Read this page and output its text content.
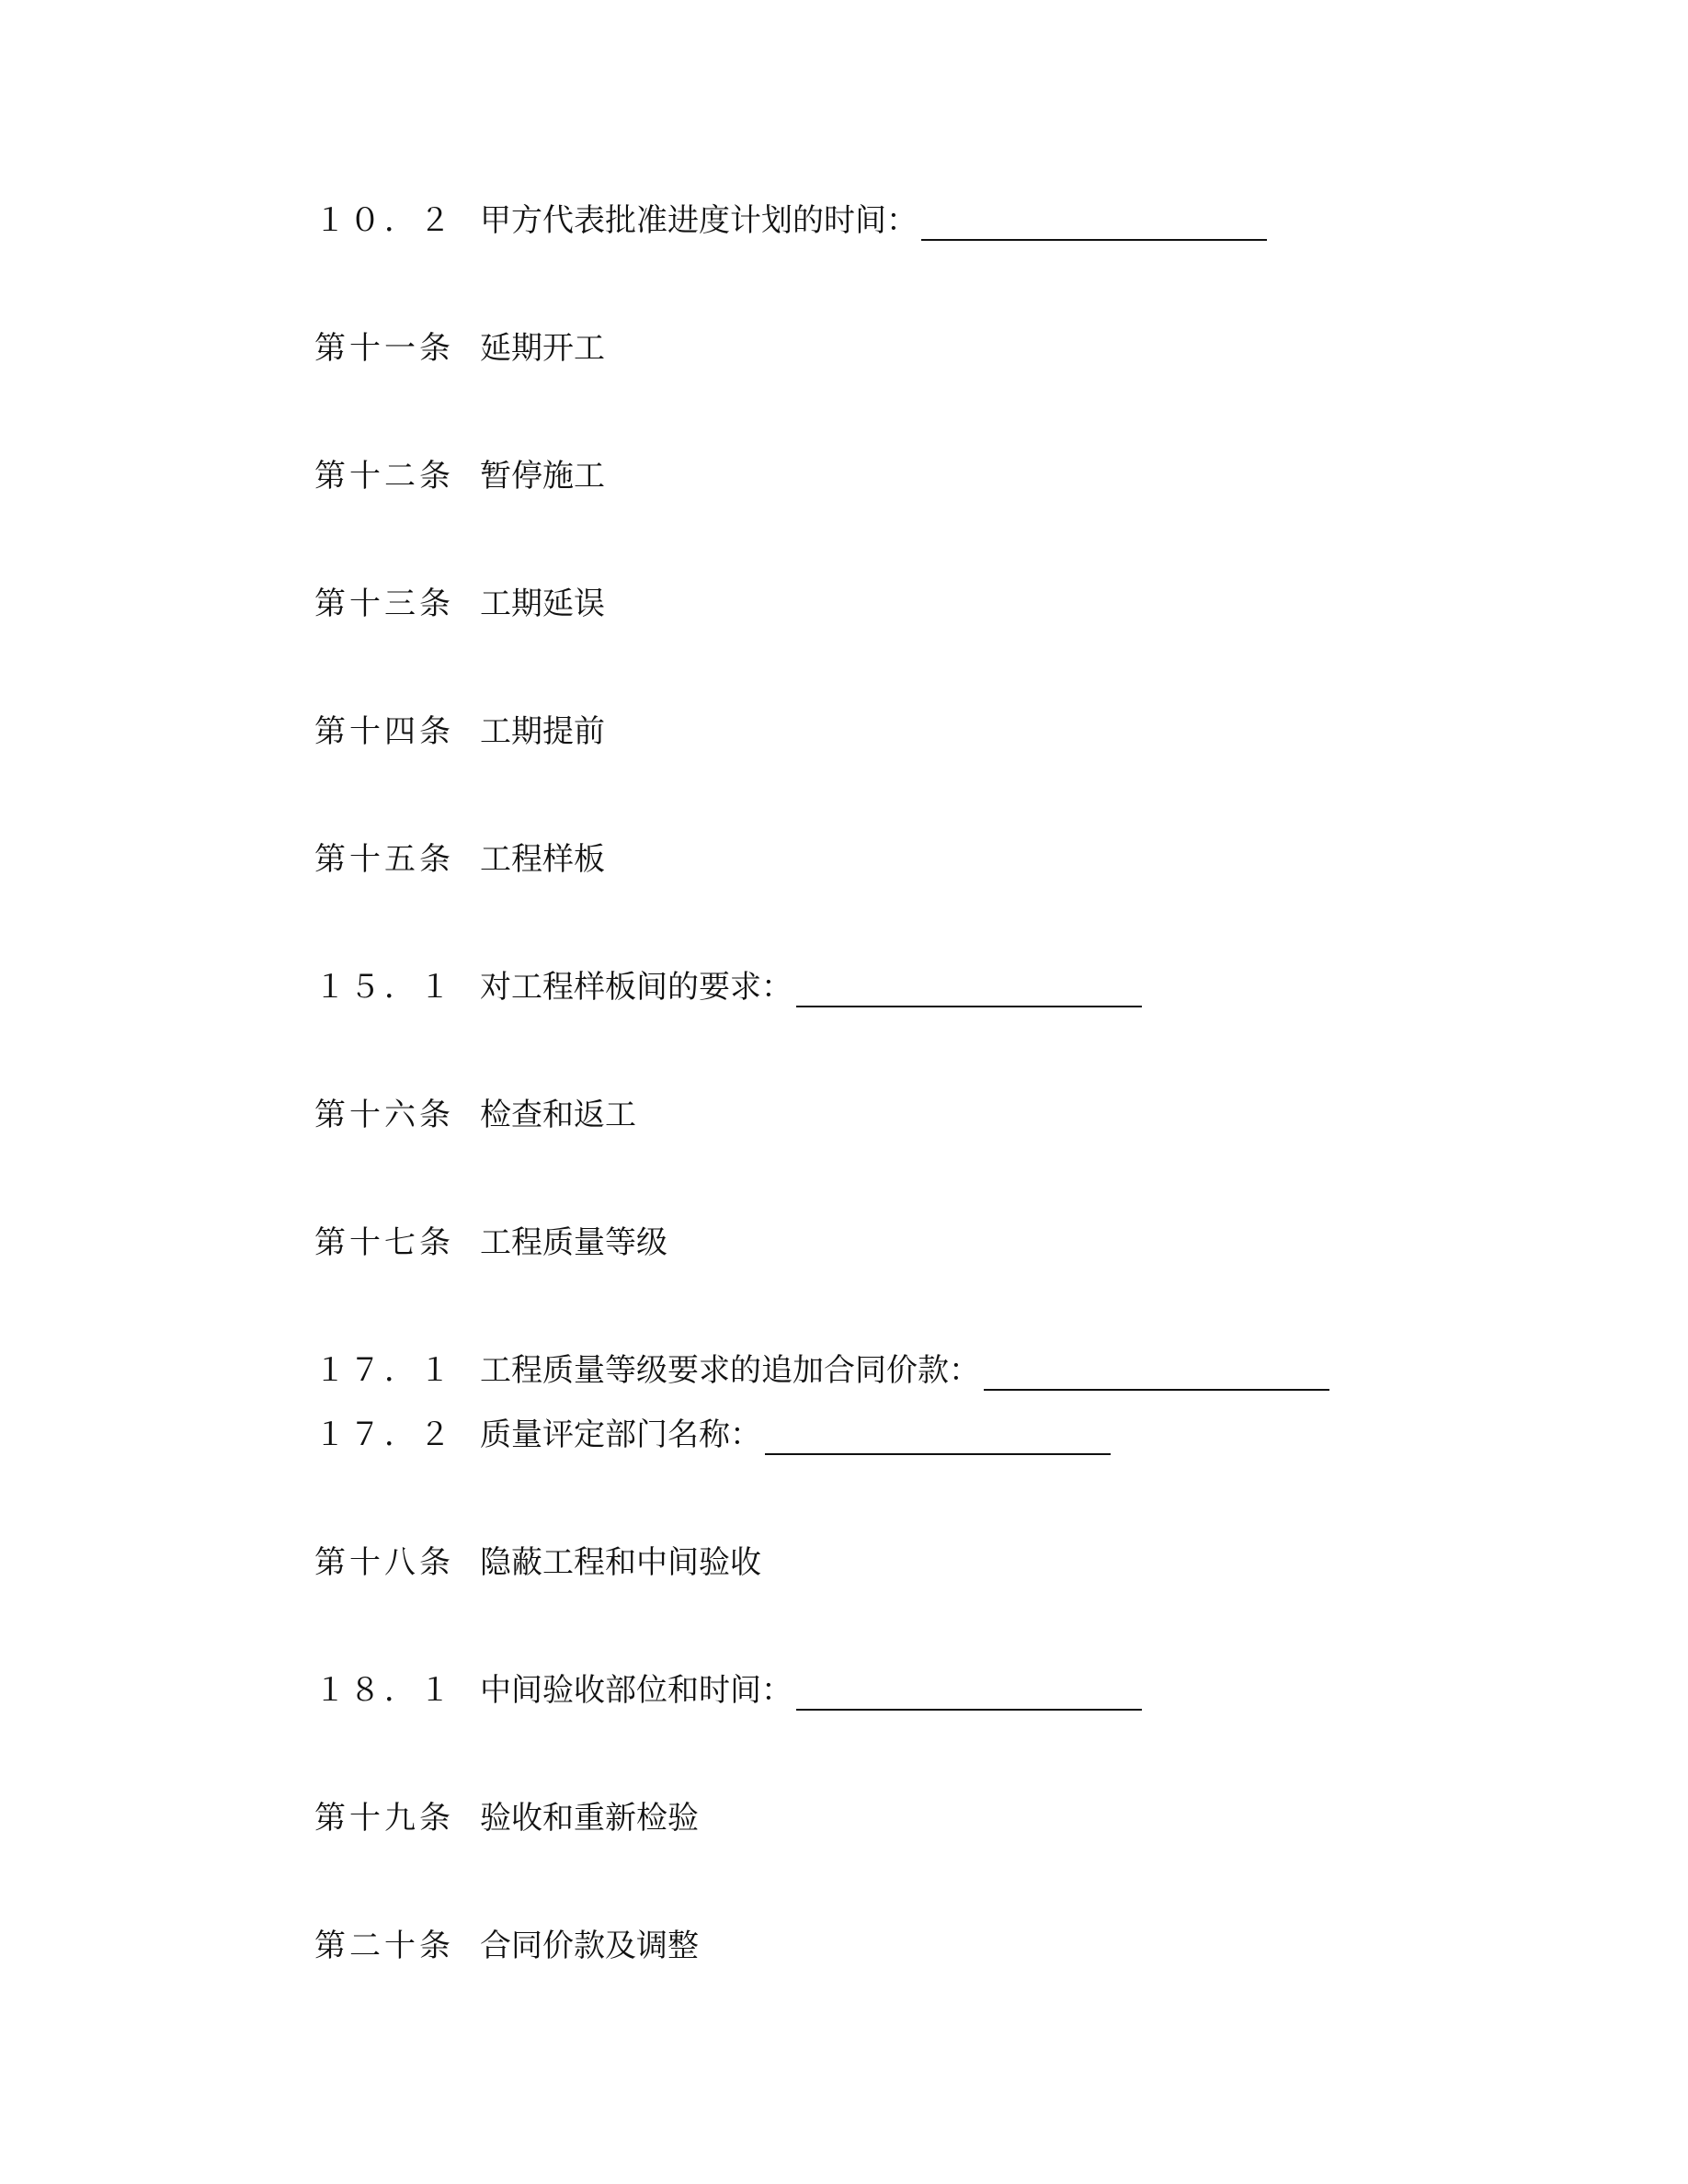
１０．２ 甲方代表批准进度计划的时间：
第十一条 延期开工
第十二条 暂停施工
第十三条 工期延误
第十四条 工期提前
第十五条 工程样板
１５．１ 对工程样板间的要求：
第十六条 检查和返工
第十七条 工程质量等级
１７．１ 工程质量等级要求的追加合同价款：
１７．２ 质量评定部门名称：
第十八条 隐蔽工程和中间验收
１８．１ 中间验收部位和时间：
第十九条 验收和重新检验
第二十条 合同价款及调整
